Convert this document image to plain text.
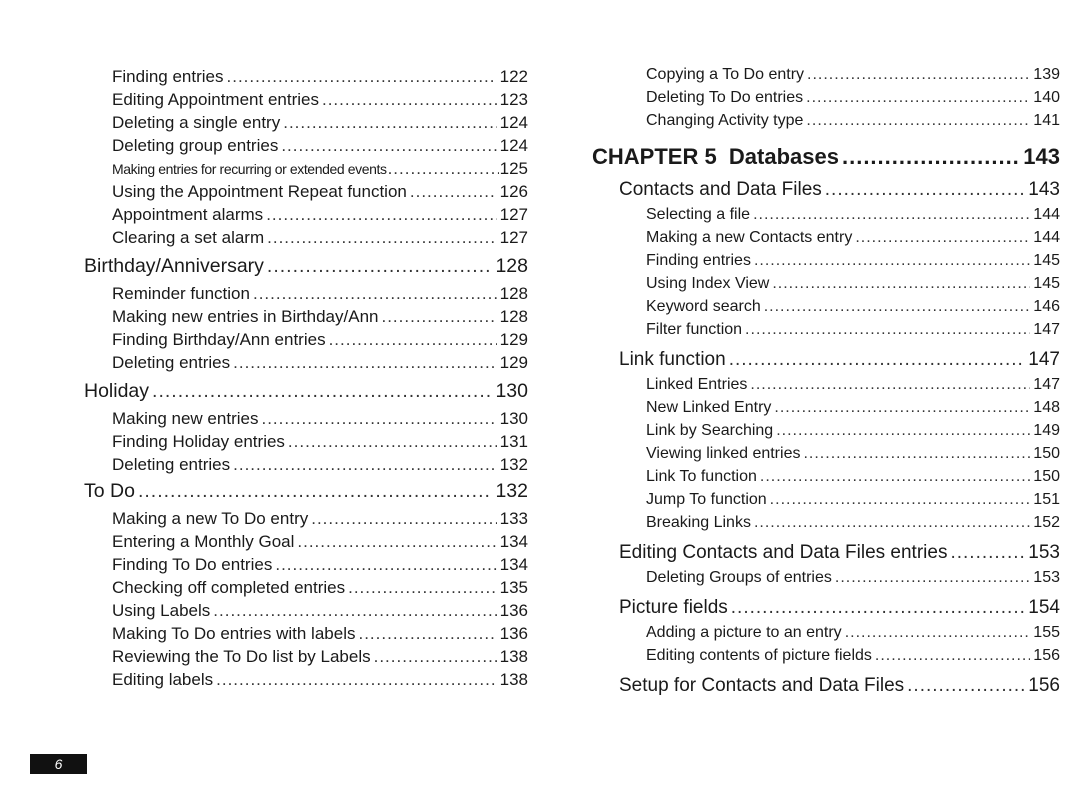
Finding entries .....	122
Editing Appointment entries .....	123
Deleting a single entry .....	124
Deleting group entries .....	124
Making entries for recurring or extended events .....	125
Using the Appointment Repeat function .....	126
Appointment alarms .....	127
Clearing a set alarm .....	127
Birthday/Anniversary .....	128
Reminder function .....	128
Making new entries in Birthday/Ann .....	128
Finding Birthday/Ann entries .....	129
Deleting entries .....	129
Holiday .....	130
Making new entries .....	130
Finding Holiday entries .....	131
Deleting entries .....	132
To Do .....	132
Making a new To Do entry .....	133
Entering a Monthly Goal .....	134
Finding To Do entries .....	134
Checking off completed entries .....	135
Using Labels .....	136
Making To Do entries with labels .....	136
Reviewing the To Do list by Labels .....	138
Editing labels .....	138
Copying a To Do entry .....	139
Deleting To Do entries .....	140
Changing Activity type .....	141
CHAPTER 5  Databases .....	143
Contacts and Data Files .....	143
Selecting a file .....	144
Making a new Contacts entry .....	144
Finding entries .....	145
Using Index View .....	145
Keyword search .....	146
Filter function .....	147
Link function .....	147
Linked Entries .....	147
New Linked Entry .....	148
Link by Searching .....	149
Viewing linked entries .....	150
Link To function .....	150
Jump To function .....	151
Breaking Links .....	152
Editing Contacts and Data Files entries .....	153
Deleting Groups of entries .....	153
Picture fields .....	154
Adding a picture to an entry .....	155
Editing contents of picture fields .....	156
Setup for Contacts and Data Files .....	156
6
